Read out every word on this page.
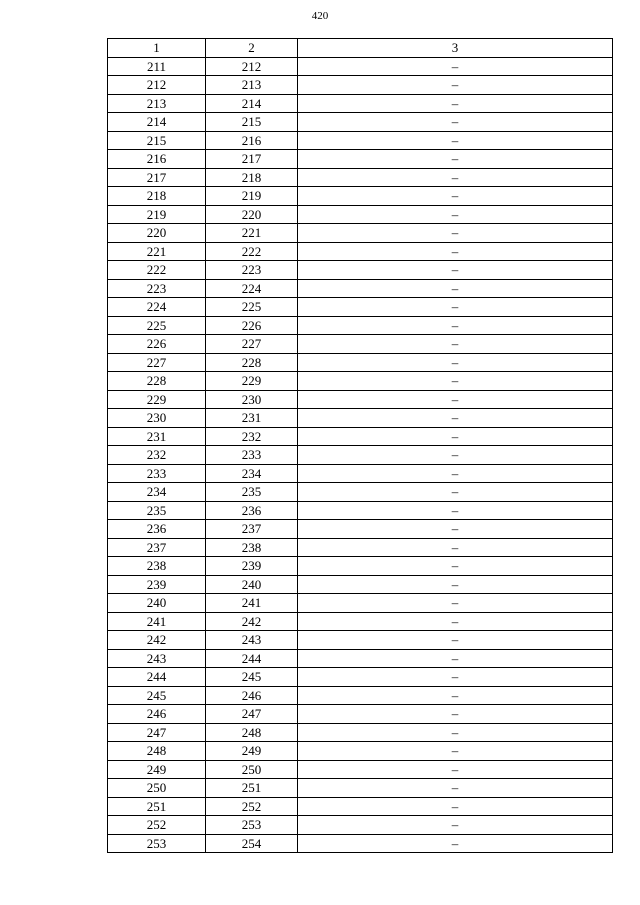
420
1	2	3
211	212	–
212	213	–
213	214	–
214	215	–
215	216	–
216	217	–
217	218	–
218	219	–
219	220	–
220	221	–
221	222	–
222	223	–
223	224	–
224	225	–
225	226	–
226	227	–
227	228	–
228	229	–
229	230	–
230	231	–
231	232	–
232	233	–
233	234	–
234	235	–
235	236	–
236	237	–
237	238	–
238	239	–
239	240	–
240	241	–
241	242	–
242	243	–
243	244	–
244	245	–
245	246	–
246	247	–
247	248	–
248	249	–
249	250	–
250	251	–
251	252	–
252	253	–
253	254	–
